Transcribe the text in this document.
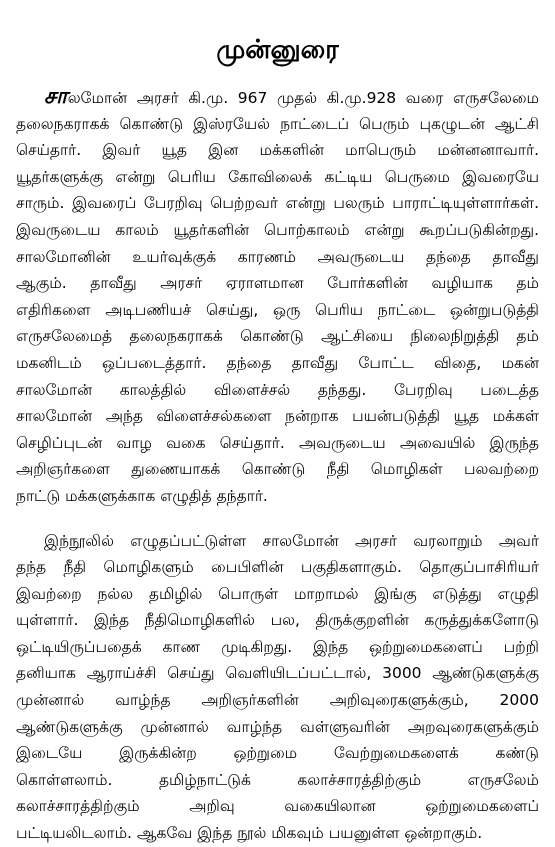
முன்னுரை
சாலமோன் அரசர் கி.மு. 967 முதல் கி.மு.928 வரை எருசலேமை
தலைநகராகக் கொண்டு இஸ்ரயேல் நாட்டைப் பெரும் புகழுடன் ஆட்சி
செய்தார். இவர் யூத இன மக்களின் மாபெரும் மன்னனாவார்.
யூதர்களுக்கு என்று பெரிய கோவிலைக் கட்டிய பெருமை இவரையே
சாரும். இவரைப் பேரறிவு பெற்றவர் என்று பலரும் பாராட்டியுள்ளார்கள்.
இவருடைய காலம் யூதர்களின் பொற்காலம் என்று கூறப்படுகின்றது.
சாலமோனின் உயர்வுக்குக் காரணம் அவருடைய தந்தை தாவீது
ஆகும். தாவீது அரசர் ஏராளமான போர்களின் வழியாக தம்
எதிரிகளை அடிபணியச் செய்து, ஒரு பெரிய நாட்டை ஒன்றுபடுத்தி
எருசலேமைத் தலைநகராகக் கொண்டு ஆட்சியை நிலைநிறுத்தி தம்
மகனிடம் ஒப்படைத்தார். தந்தை தாவீது போட்ட விதை, மகன்
சாலமோன் காலத்தில் விளைச்சல் தந்தது. பேரறிவு படைத்த
சாலமோன் அந்த விளைச்சல்களை நன்றாக பயன்படுத்தி யூத மக்கள்
செழிப்புடன் வாழ வகை செய்தார். அவருடைய அவையில் இருந்த
அறிஞர்களை துணையாகக் கொண்டு நீதி மொழிகள் பலவற்றை
நாட்டு மக்களுக்காக எழுதித் தந்தார்.
இந்நூலில் எழுதப்பட்டுள்ள சாலமோன் அரசர் வரலாறும் அவர்
தந்த நீதி மொழிகளும் பைபிளின் பகுதிகளாகும். தொகுப்பாசிரியர்
இவற்றை நல்ல தமிழில் பொருள் மாறாமல் இங்கு எடுத்து எழுதி
யுள்ளார். இந்த நீதிமொழிகளில் பல, திருக்குறளின் கருத்துக்களோடு
ஒட்டியிருப்பதைக் காண முடிகிறது. இந்த ஒற்றுமைகளைப் பற்றி
தனியாக ஆராய்ச்சி செய்து வெளியிடப்பட்டால், 3000 ஆண்டுகளுக்கு
முன்னால் வாழ்ந்த அறிஞர்களின் அறிவுரைகளுக்கும், 2000
ஆண்டுகளுக்கு முன்னால் வாழ்ந்த வள்ளுவரின் அறவுரைகளுக்கும்
இடையே இருக்கின்ற ஒற்றுமை வேற்றுமைகளைக் கண்டு
கொள்ளலாம். தமிழ்நாட்டுக் கலாச்சாரத்திற்கும் எருசலேம்
கலாச்சாரத்திற்கும் அறிவு வகையிலான ஒற்றுமைகளைப்
பட்டியலிடலாம். ஆகவே இந்த நூல் மிகவும் பயனுள்ள ஒன்றாகும்.
